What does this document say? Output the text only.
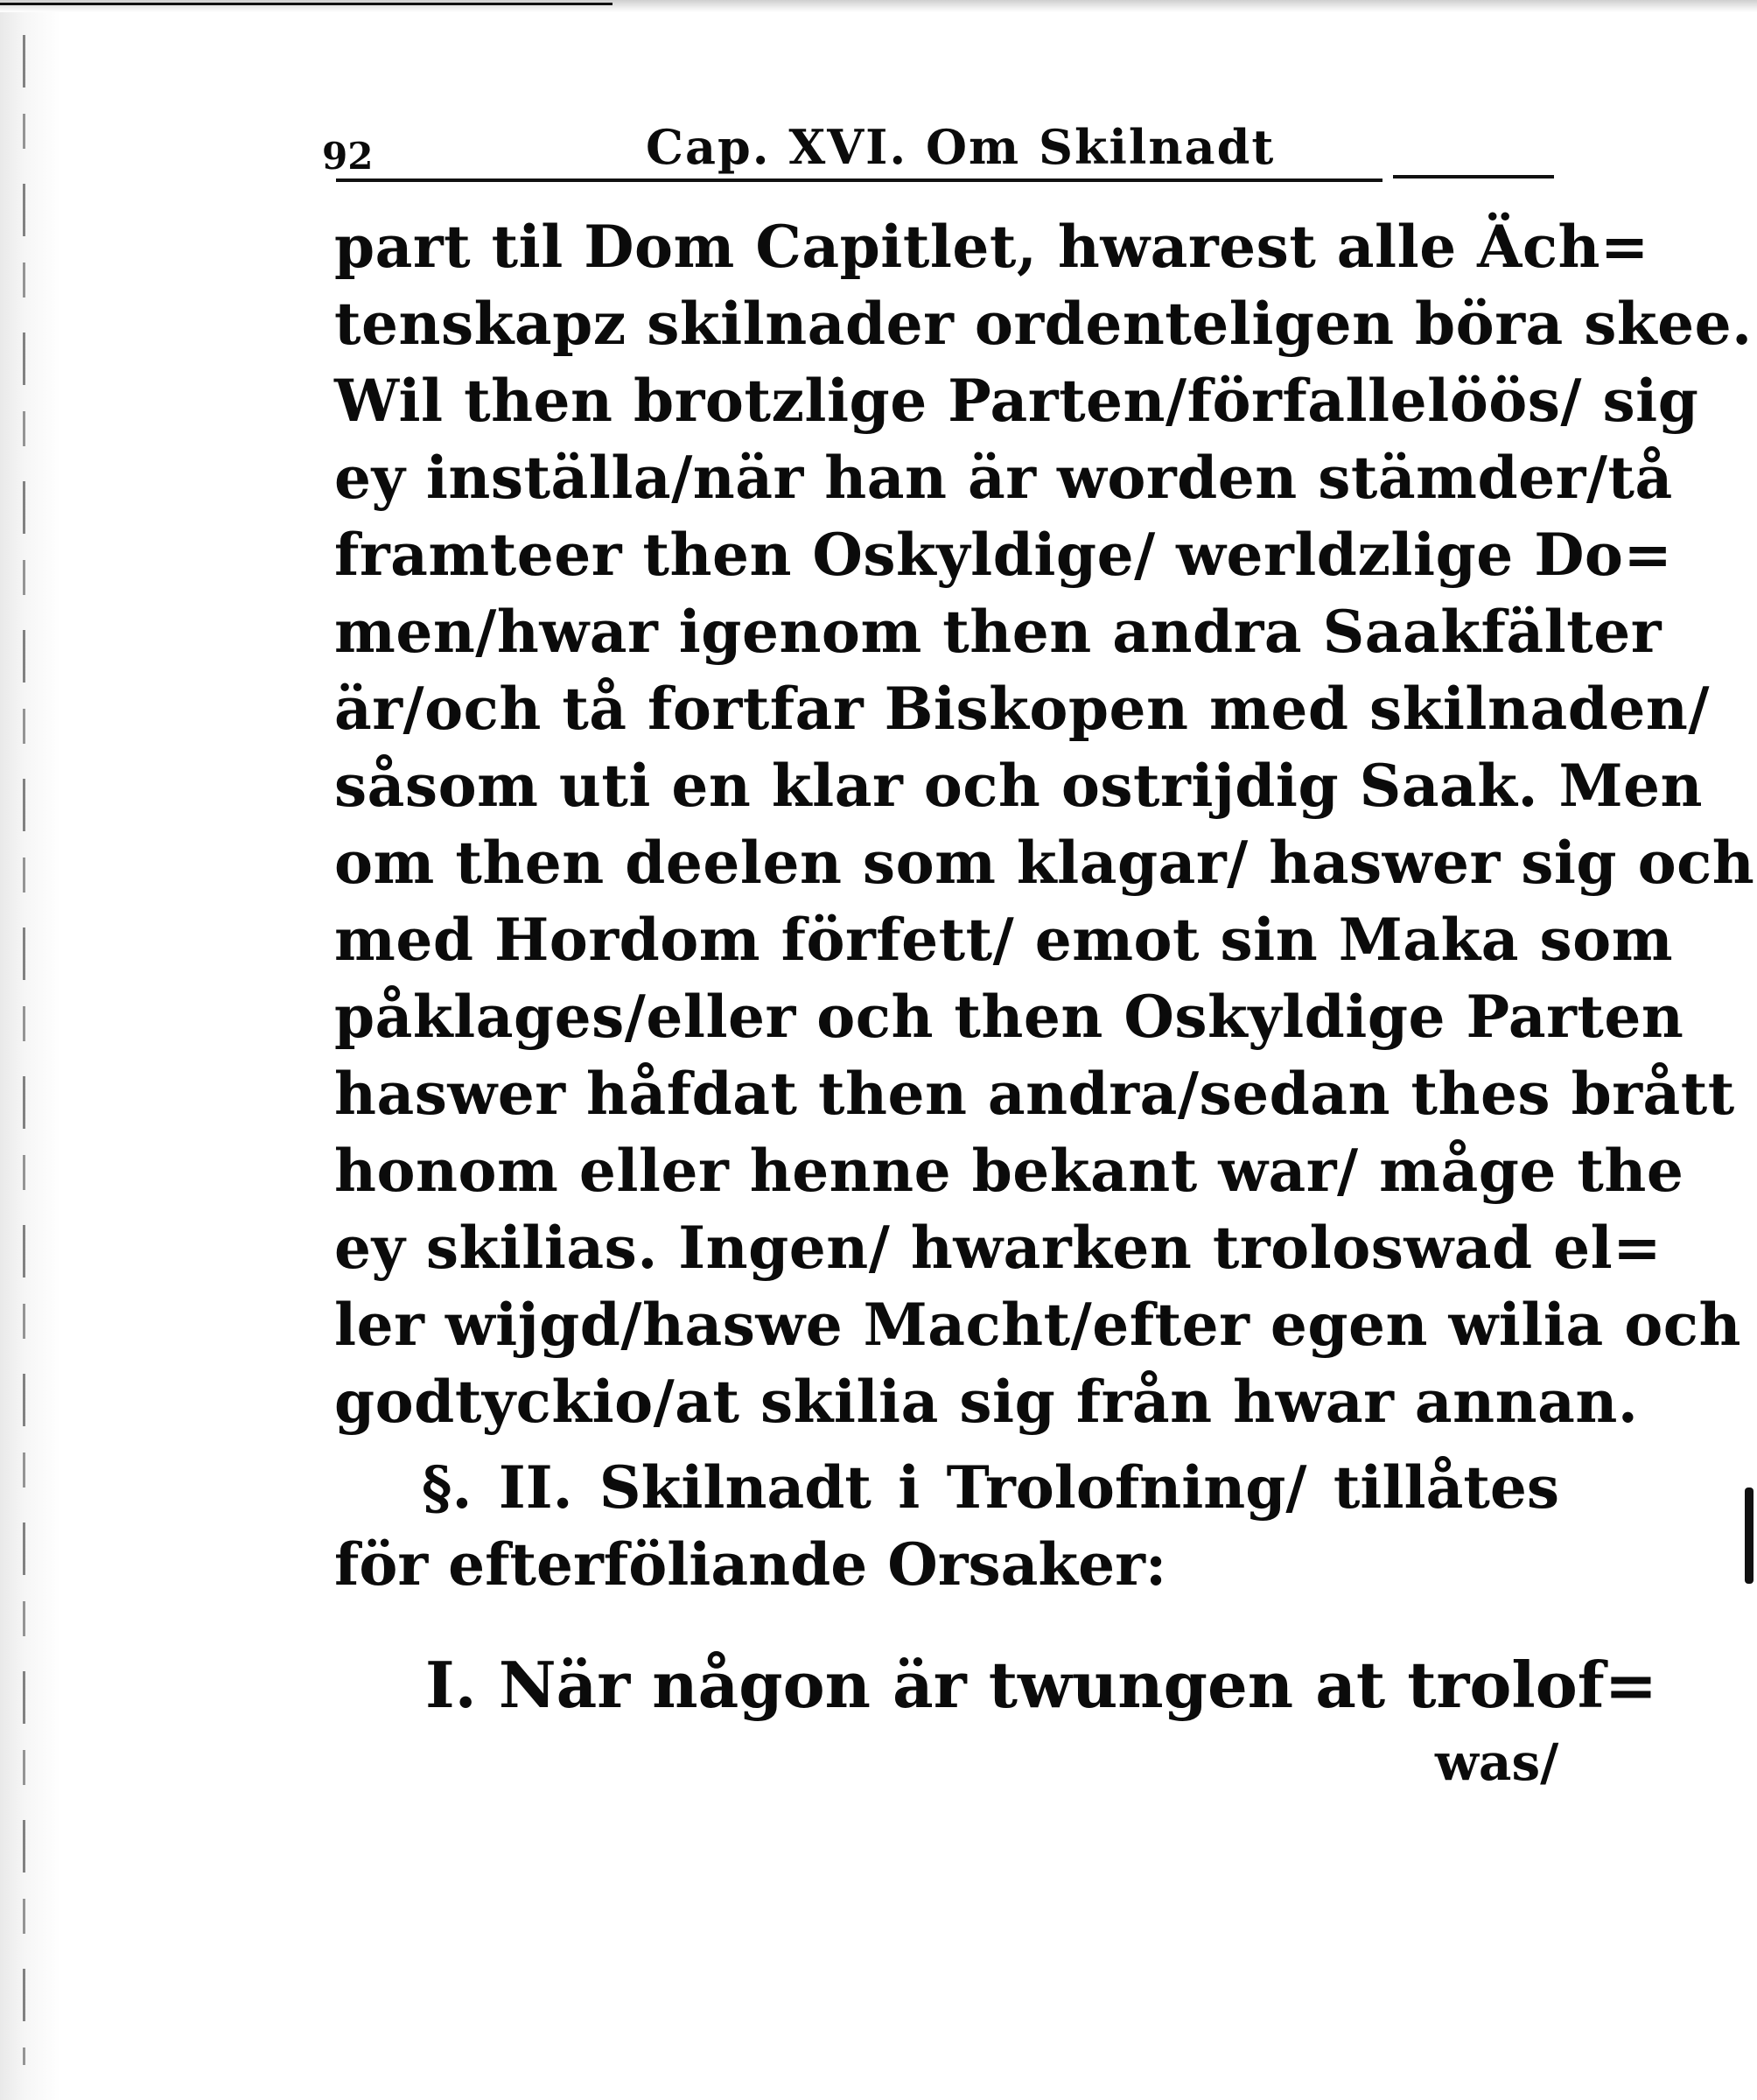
92	Cap. XVI. Om Skilnadt
part til Dom Capitlet, hwarest alle Äch=
tenskapz skilnader ordenteligen böra skee.
Wil then brotzlige Parten/förfallelöös/ sig
ey inställa/när han är worden stämder/tå
framteer then Oskyldige/ werldzlige Do=
men/hwar igenom then andra Saakfälter
är/och tå fortfar Biskopen med skilnaden/
såsom uti en klar och ostrijdig Saak. Men
om then deelen som klagar/ haswer sig och
med Hordom förfett/ emot sin Maka som
påklages/eller och then Oskyldige Parten
haswer håfdat then andra/sedan thes brått
honom eller henne bekant war/ måge the
ey skilias. Ingen/ hwarken troloswad el=
ler wijgd/haswe Macht/efter egen wilia och
godtyckio/at skilia sig från hwar annan.
§. II. Skilnadt i Trolofning/ tillåtes
för efterföliande Orsaker:
I. När någon är twungen at trolof=
was/
